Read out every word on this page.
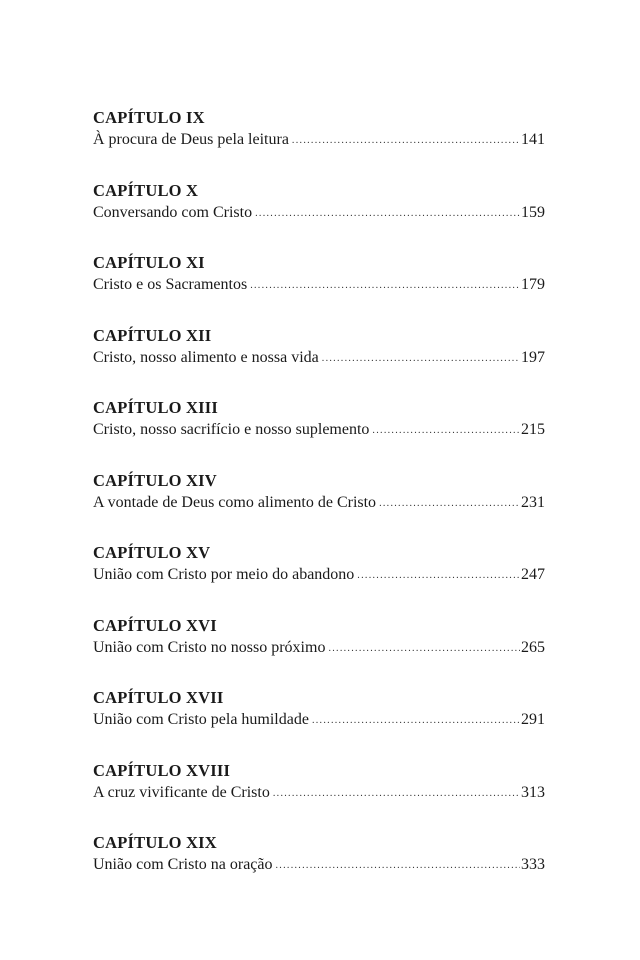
CAPÍTULO IX
À procura de Deus pela leitura .....	141
CAPÍTULO X
Conversando com Cristo .....	159
CAPÍTULO XI
Cristo e os Sacramentos .....	179
CAPÍTULO XII
Cristo, nosso alimento e nossa vida .....	197
CAPÍTULO XIII
Cristo, nosso sacrifício e nosso suplemento .....	215
CAPÍTULO XIV
A vontade de Deus como alimento de Cristo .....	231
CAPÍTULO XV
União com Cristo por meio do abandono .....	247
CAPÍTULO XVI
União com Cristo no nosso próximo .....	265
CAPÍTULO XVII
União com Cristo pela humildade .....	291
CAPÍTULO XVIII
A cruz vivificante de Cristo .....	313
CAPÍTULO XIX
União com Cristo na oração .....	333
